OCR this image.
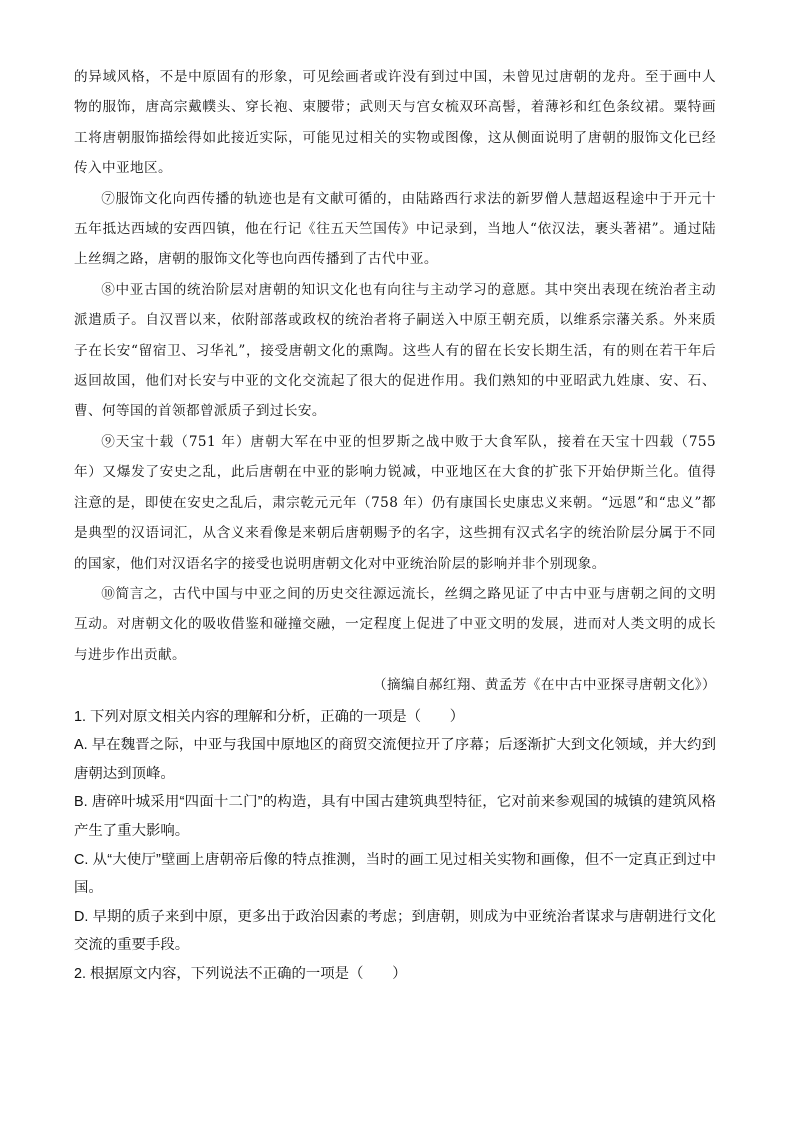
的异域风格，不是中原固有的形象，可见绘画者或许没有到过中国，未曾见过唐朝的龙舟。至于画中人物的服饰，唐高宗戴幞头、穿长袍、束腰带；武则天与宫女梳双环高髻，着薄衫和红色条纹裙。粟特画工将唐朝服饰描绘得如此接近实际，可能见过相关的实物或图像，这从侧面说明了唐朝的服饰文化已经传入中亚地区。

⑦服饰文化向西传播的轨迹也是有文献可循的，由陆路西行求法的新罗僧人慧超返程途中于开元十五年抵达西域的安西四镇，他在行记《往五天竺国传》中记录到，当地人“依汉法，裹头著裙”。通过陆上丝绸之路，唐朝的服饰文化等也向西传播到了古代中亚。

⑧中亚古国的统治阶层对唐朝的知识文化也有向往与主动学习的意愿。其中突出表现在统治者主动派遣质子。自汉晋以来，依附部落或政权的统治者将子嗣送入中原王朝充质，以维系宗藩关系。外来质子在长安“留宿卫、习华礼”，接受唐朝文化的熏陶。这些人有的留在长安长期生活，有的则在若干年后返回故国，他们对长安与中亚的文化交流起了很大的促进作用。我们熟知的中亚昭武九姓康、安、石、曹、何等国的首领都曾派质子到过长安。

⑨天宝十载（751 年）唐朝大军在中亚的怛罗斯之战中败于大食军队，接着在天宝十四载（755 年）又爆发了安史之乱，此后唐朝在中亚的影响力锐减，中亚地区在大食的扩张下开始伊斯兰化。值得注意的是，即使在安史之乱后，肃宗乾元元年（758 年）仍有康国长史康忠义来朝。“远恩”和“忠义”都是典型的汉语词汇，从含义来看像是来朝后唐朝赐予的名字，这些拥有汉式名字的统治阶层分属于不同的国家，他们对汉语名字的接受也说明唐朝文化对中亚统治阶层的影响并非个别现象。

⑩简言之，古代中国与中亚之间的历史交往源远流长，丝绸之路见证了中古中亚与唐朝之间的文明互动。对唐朝文化的吸收借鉴和碰撞交融，一定程度上促进了中亚文明的发展，进而对人类文明的成长与进步作出贡献。

（摘编自郝红翔、黄孟芳《在中古中亚探寻唐朝文化》）

1. 下列对原文相关内容的理解和分析，正确的一项是（　　）

A. 早在魏晋之际，中亚与我国中原地区的商贸交流便拉开了序幕；后逐渐扩大到文化领域，并大约到唐朝达到顶峰。

B. 唐碎叶城采用“四面十二门”的构造，具有中国古建筑典型特征，它对前来参观国的城镇的建筑风格产生了重大影响。

C. 从“大使厅”壁画上唐朝帝后像的特点推测，当时的画工见过相关实物和画像，但不一定真正到过中国。

D. 早期的质子来到中原，更多出于政治因素的考虑；到唐朝，则成为中亚统治者谋求与唐朝进行文化交流的重要手段。

2. 根据原文内容，下列说法不正确的一项是（　　）
